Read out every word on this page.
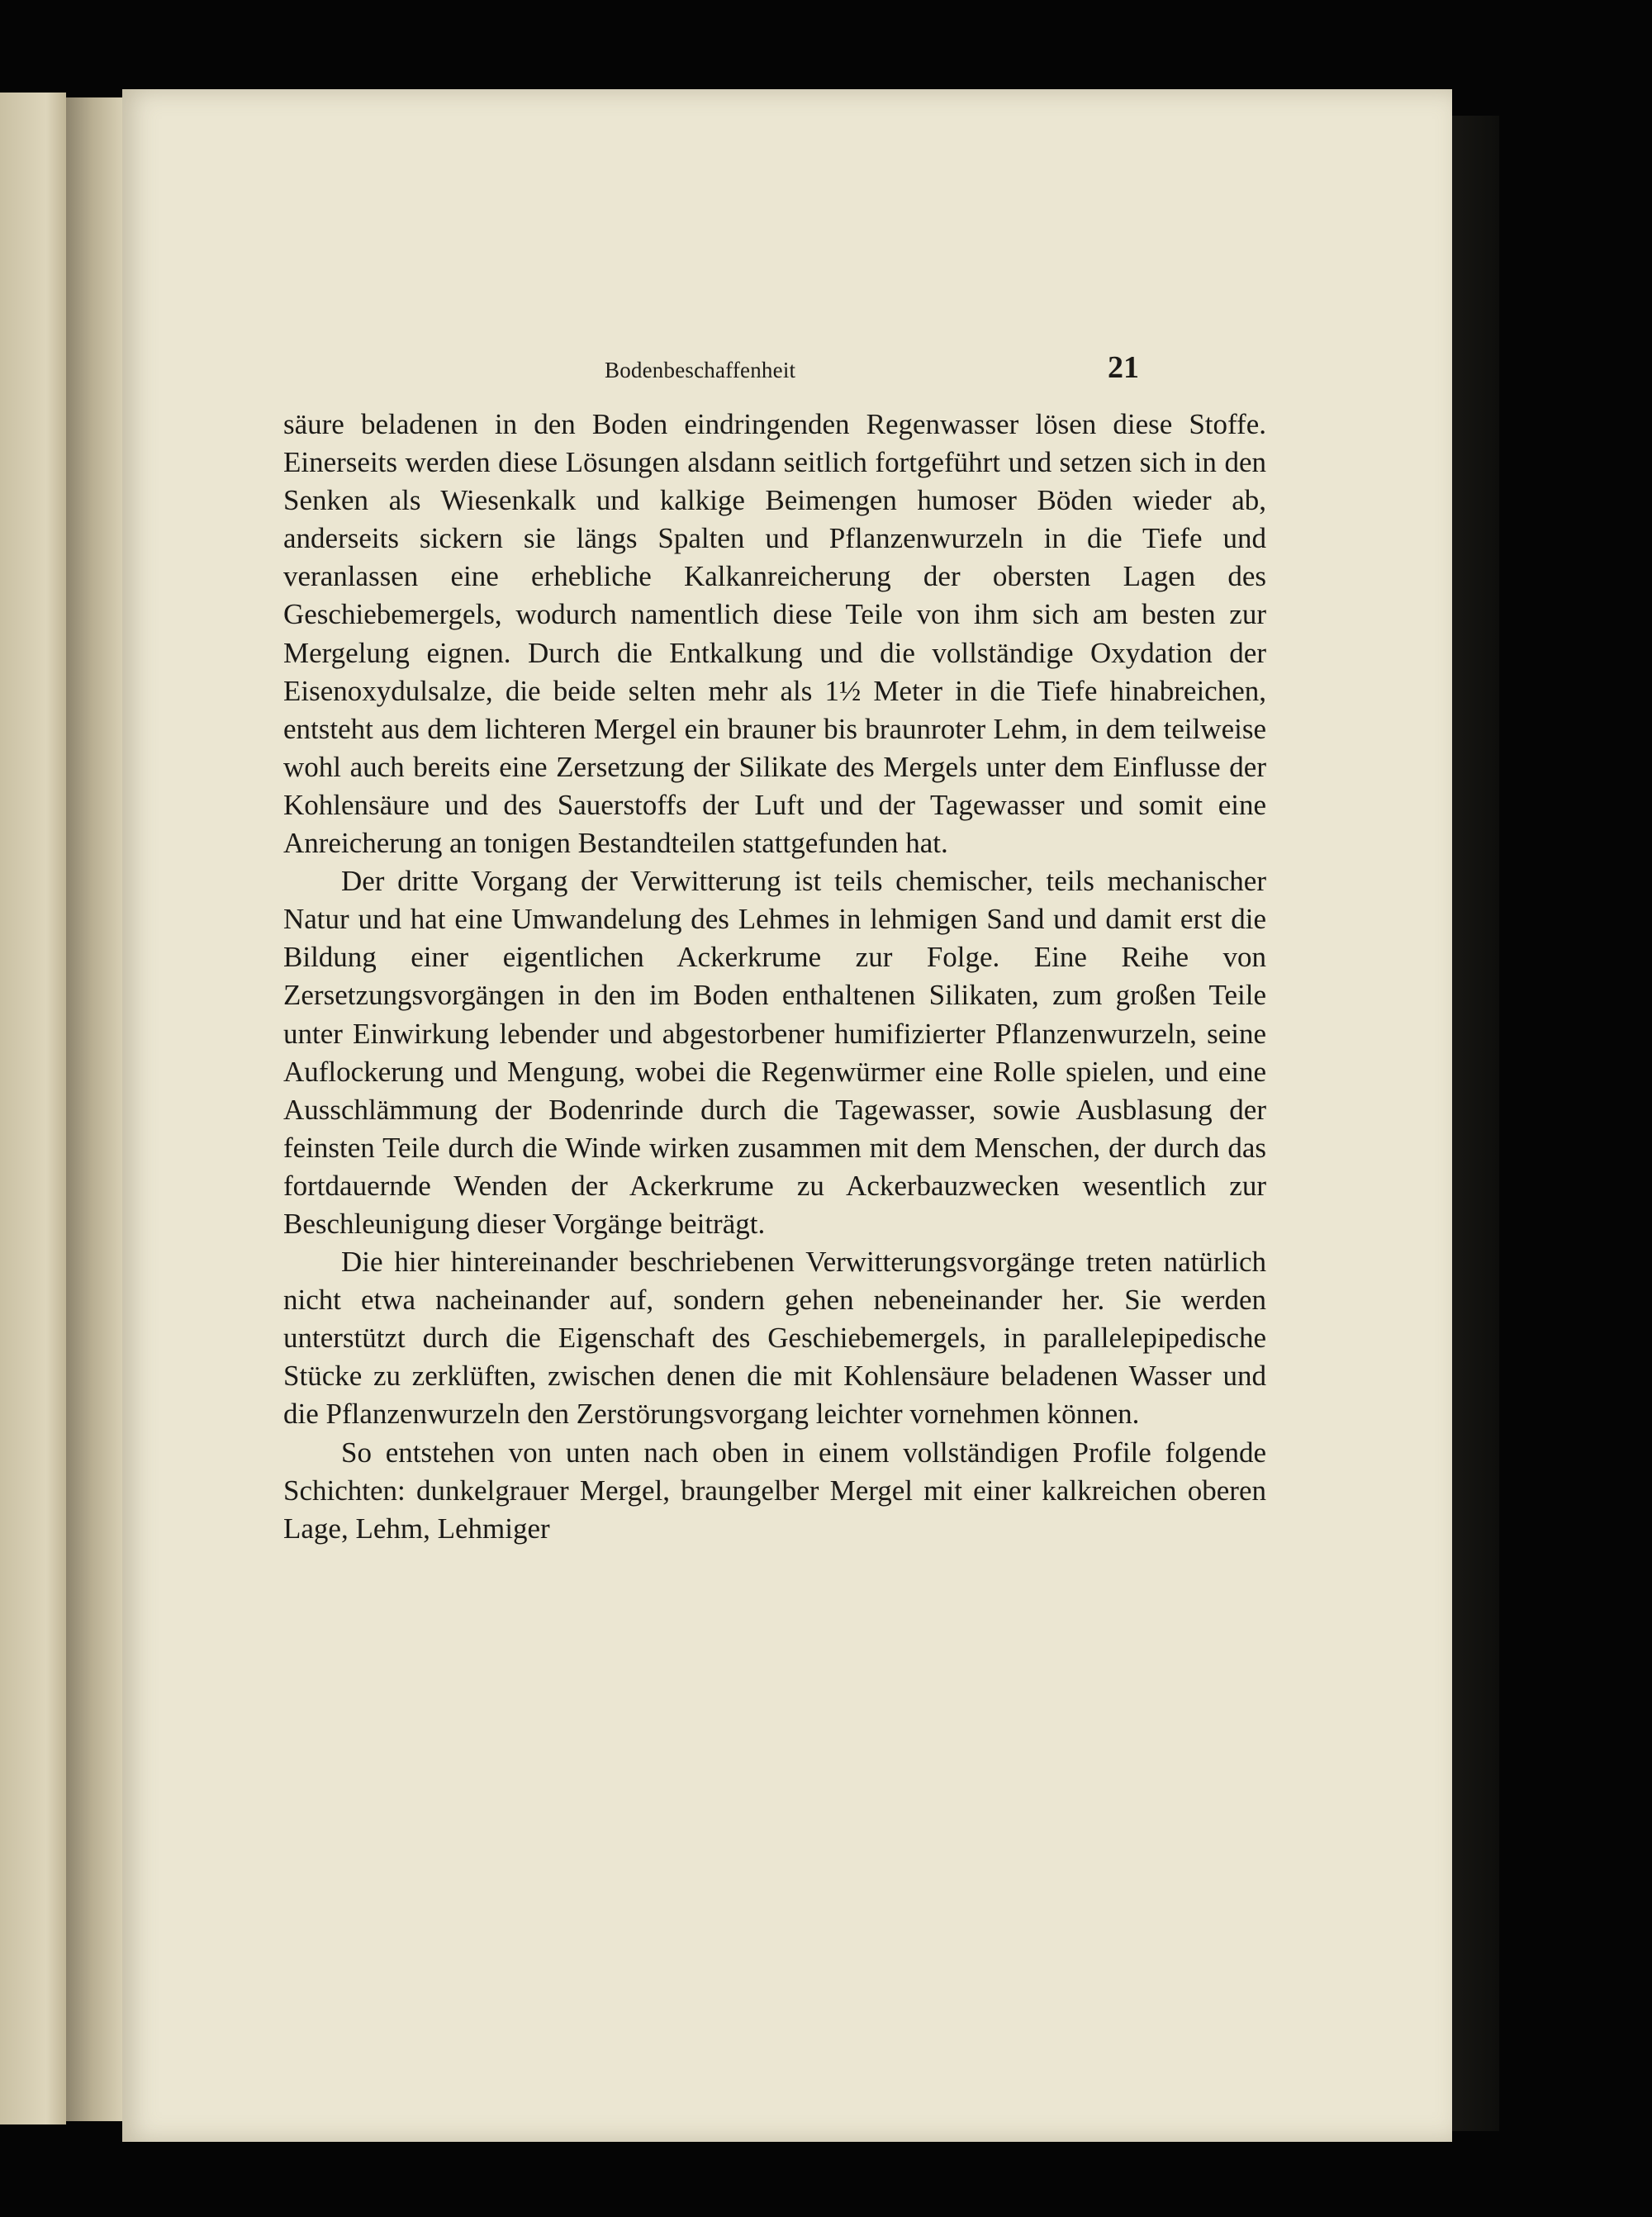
Bodenbeschaffenheit	21

säure beladenen in den Boden eindringenden Regenwasser lösen diese Stoffe. Einerseits werden diese Lösungen alsdann seitlich fortgeführt und setzen sich in den Senken als Wiesenkalk und kalkige Beimengen humoser Böden wieder ab, anderseits sickern sie längs Spalten und Pflanzenwurzeln in die Tiefe und veranlassen eine erhebliche Kalkanreicherung der obersten Lagen des Geschiebemergels, wodurch namentlich diese Teile von ihm sich am besten zur Mergelung eignen. Durch die Entkalkung und die vollständige Oxydation der Eisenoxydulsalze, die beide selten mehr als 1½ Meter in die Tiefe hinabreichen, entsteht aus dem lichteren Mergel ein brauner bis braunroter Lehm, in dem teilweise wohl auch bereits eine Zersetzung der Silikate des Mergels unter dem Einflusse der Kohlensäure und des Sauerstoffs der Luft und der Tagewasser und somit eine Anreicherung an tonigen Bestandteilen stattgefunden hat.

Der dritte Vorgang der Verwitterung ist teils chemischer, teils mechanischer Natur und hat eine Umwandelung des Lehmes in lehmigen Sand und damit erst die Bildung einer eigentlichen Ackerkrume zur Folge. Eine Reihe von Zersetzungsvorgängen in den im Boden enthaltenen Silikaten, zum großen Teile unter Einwirkung lebender und abgestorbener humifizierter Pflanzenwurzeln, seine Auflockerung und Mengung, wobei die Regenwürmer eine Rolle spielen, und eine Ausschlämmung der Bodenrinde durch die Tagewasser, sowie Ausblasung der feinsten Teile durch die Winde wirken zusammen mit dem Menschen, der durch das fortdauernde Wenden der Ackerkrume zu Ackerbauzwecken wesentlich zur Beschleunigung dieser Vorgänge beiträgt.

Die hier hintereinander beschriebenen Verwitterungsvorgänge treten natürlich nicht etwa nacheinander auf, sondern gehen nebeneinander her. Sie werden unterstützt durch die Eigenschaft des Geschiebemergels, in parallelepipedische Stücke zu zerklüften, zwischen denen die mit Kohlensäure beladenen Wasser und die Pflanzenwurzeln den Zerstörungsvorgang leichter vornehmen können.

So entstehen von unten nach oben in einem vollständigen Profile folgende Schichten: dunkelgrauer Mergel, braungelber Mergel mit einer kalkreichen oberen Lage, Lehm, Lehmiger
